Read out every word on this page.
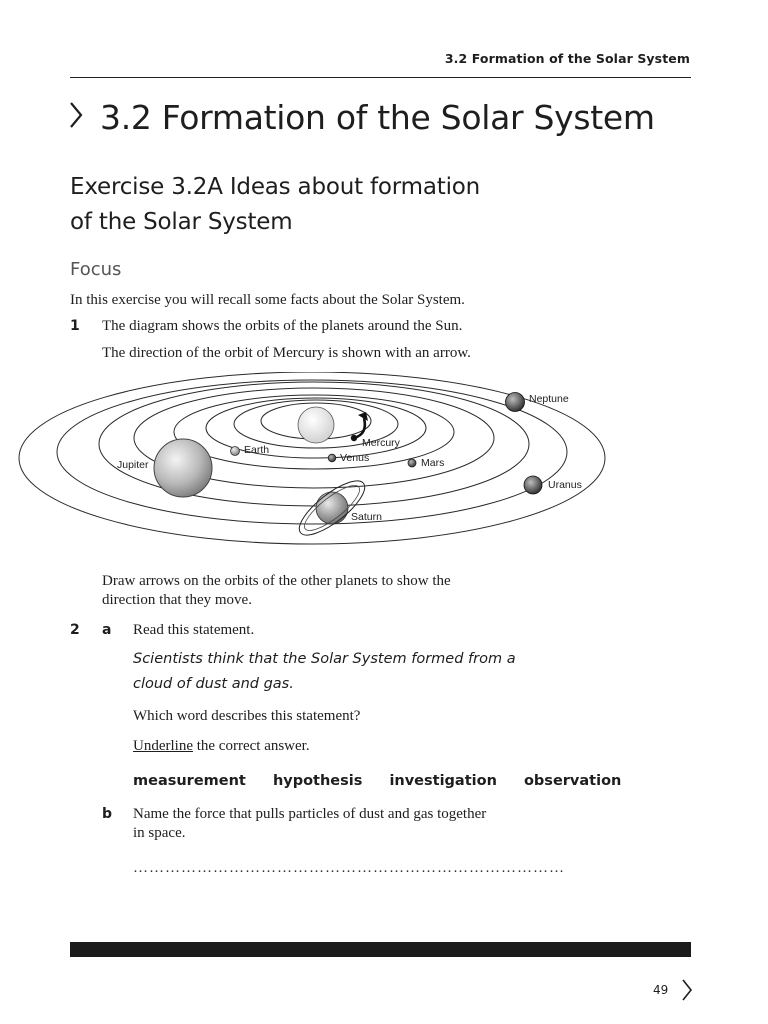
3.2 Formation of the Solar System
3.2 Formation of the Solar System
Exercise 3.2A Ideas about formation
of the Solar System
Focus
In this exercise you will recall some facts about the Solar System.
1 The diagram shows the orbits of the planets around the Sun.
The direction of the orbit of Mercury is shown with an arrow.
Mercury
Venus
Earth
Mars
Jupiter
Saturn
Uranus
Neptune
Draw arrows on the orbits of the other planets to show the
direction that they move.
2 a Read this statement.
Scientists think that the Solar System formed from a
cloud of dust and gas.
Which word describes this statement?
Underline the correct answer.
measurement hypothesis investigation observation
b Name the force that pulls particles of dust and gas together
in space.
………………………………………………………………………
49
